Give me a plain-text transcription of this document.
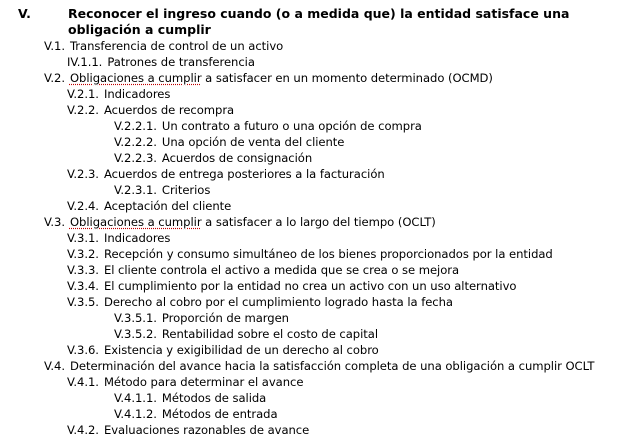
V.	Reconocer el ingreso cuando (o a medida que) la entidad satisface una obligación a cumplir
V.1. Transferencia de control de un activo
IV.1.1. Patrones de transferencia
V.2. Obligaciones a cumplir a satisfacer en un momento determinado (OCMD)
V.2.1. Indicadores
V.2.2. Acuerdos de recompra
V.2.2.1. Un contrato a futuro o una opción de compra
V.2.2.2. Una opción de venta del cliente
V.2.2.3. Acuerdos de consignación
V.2.3. Acuerdos de entrega posteriores a la facturación
V.2.3.1. Criterios
V.2.4. Aceptación del cliente
V.3. Obligaciones a cumplir a satisfacer a lo largo del tiempo (OCLT)
V.3.1. Indicadores
V.3.2. Recepción y consumo simultáneo de los bienes proporcionados por la entidad
V.3.3. El cliente controla el activo a medida que se crea o se mejora
V.3.4. El cumplimiento por la entidad no crea un activo con un uso alternativo
V.3.5. Derecho al cobro por el cumplimiento logrado hasta la fecha
V.3.5.1. Proporción de margen
V.3.5.2. Rentabilidad sobre el costo de capital
V.3.6. Existencia y exigibilidad de un derecho al cobro
V.4. Determinación del avance hacia la satisfacción completa de una obligación a cumplir OCLT
V.4.1. Método para determinar el avance
V.4.1.1. Métodos de salida
V.4.1.2. Métodos de entrada
V.4.2. Evaluaciones razonables de avance
